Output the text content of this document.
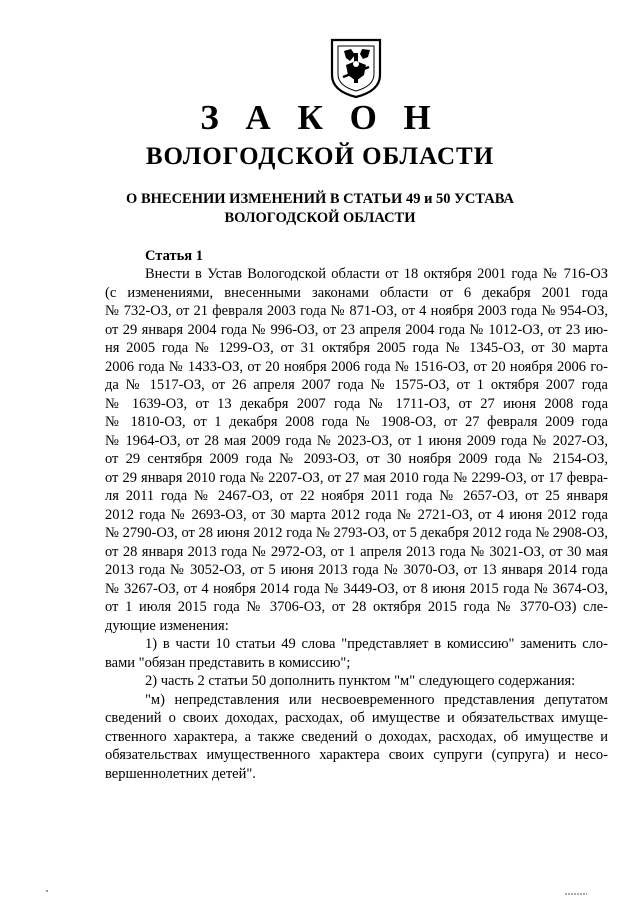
З А К О Н
ВОЛОГОДСКОЙ ОБЛАСТИ
О ВНЕСЕНИИ ИЗМЕНЕНИЙ В СТАТЬИ 49 и 50 УСТАВА
ВОЛОГОДСКОЙ ОБЛАСТИ
Статья 1
Внести в Устав Вологодской области от 18 октября 2001 года № 716-ОЗ
(с изменениями, внесенными законами области от 6 декабря 2001 года
№ 732-ОЗ, от 21 февраля 2003 года № 871-ОЗ, от 4 ноября 2003 года № 954-ОЗ,
от 29 января 2004 года № 996-ОЗ, от 23 апреля 2004 года № 1012-ОЗ, от 23 ию-
ня 2005 года № 1299-ОЗ, от 31 октября 2005 года № 1345-ОЗ, от 30 марта
2006 года № 1433-ОЗ, от 20 ноября 2006 года № 1516-ОЗ, от 20 ноября 2006 го-
да № 1517-ОЗ, от 26 апреля 2007 года № 1575-ОЗ, от 1 октября 2007 года
№ 1639-ОЗ, от 13 декабря 2007 года № 1711-ОЗ, от 27 июня 2008 года
№ 1810-ОЗ, от 1 декабря 2008 года № 1908-ОЗ, от 27 февраля 2009 года
№ 1964-ОЗ, от 28 мая 2009 года № 2023-ОЗ, от 1 июня 2009 года № 2027-ОЗ,
от 29 сентября 2009 года № 2093-ОЗ, от 30 ноября 2009 года № 2154-ОЗ,
от 29 января 2010 года № 2207-ОЗ, от 27 мая 2010 года № 2299-ОЗ, от 17 февра-
ля 2011 года № 2467-ОЗ, от 22 ноября 2011 года № 2657-ОЗ, от 25 января
2012 года № 2693-ОЗ, от 30 марта 2012 года № 2721-ОЗ, от 4 июня 2012 года
№ 2790-ОЗ, от 28 июня 2012 года № 2793-ОЗ, от 5 декабря 2012 года № 2908-ОЗ,
от 28 января 2013 года № 2972-ОЗ, от 1 апреля 2013 года № 3021-ОЗ, от 30 мая
2013 года № 3052-ОЗ, от 5 июня 2013 года № 3070-ОЗ, от 13 января 2014 года
№ 3267-ОЗ, от 4 ноября 2014 года № 3449-ОЗ, от 8 июня 2015 года № 3674-ОЗ,
от 1 июля 2015 года № 3706-ОЗ, от 28 октября 2015 года № 3770-ОЗ) сле-
дующие изменения:
1) в части 10 статьи 49 слова "представляет в комиссию" заменить сло-
вами "обязан представить в комиссию";
2) часть 2 статьи 50 дополнить пунктом "м" следующего содержания:
"м) непредставления или несвоевременного представления депутатом
сведений о своих доходах, расходах, об имуществе и обязательствах имуще-
ственного характера, а также сведений о доходах, расходах, об имуществе и
обязательствах имущественного характера своих супруги (супруга) и несо-
вершеннолетних детей".
